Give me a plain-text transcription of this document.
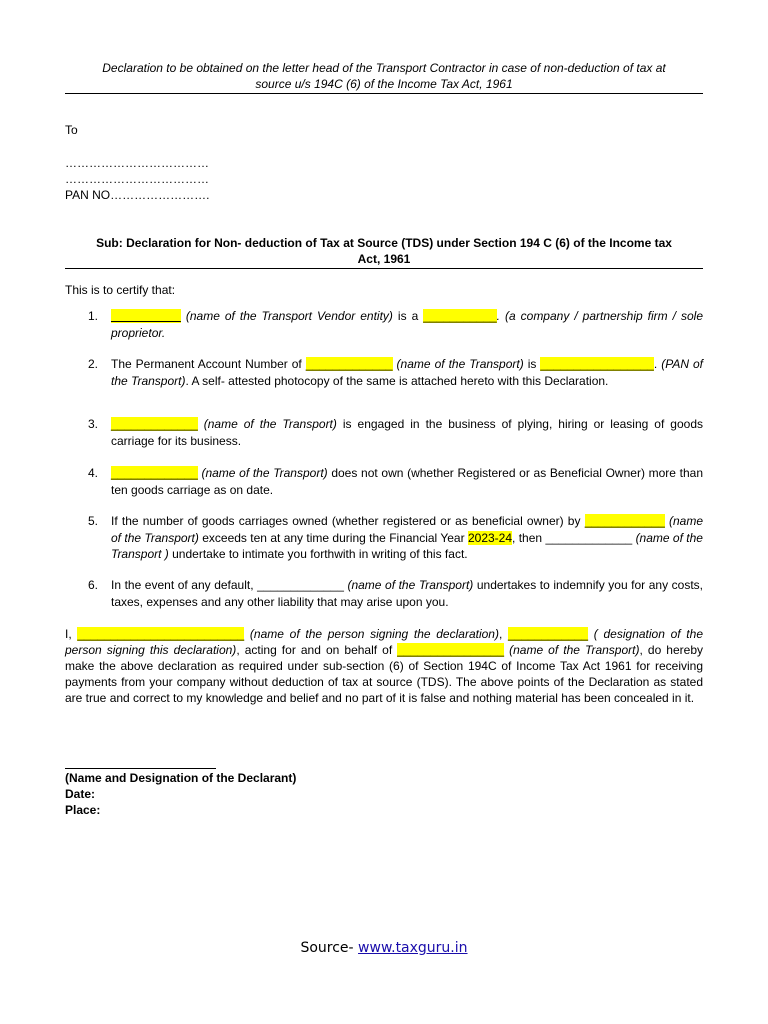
Declaration to be obtained on the letter head of the Transport Contractor in case of non-deduction of tax at
source u/s 194C (6) of the Income Tax Act, 1961
To
………………………………
………………………………
PAN NO…………………….
Sub: Declaration for Non- deduction of Tax at Source (TDS) under Section 194 C (6) of the Income tax
Act, 1961
This is to certify that:
1.	(name of the Transport Vendor entity) is a ___________. (a company / partnership firm / sole proprietor.
2. The Permanent Account Number of _____________ (name of the Transport) is _________________. (PAN of the Transport). A self- attested photocopy of the same is attached hereto with this Declaration.
3. _____________ (name of the Transport) is engaged in the business of plying, hiring or leasing of goods carriage for its business.
4. _____________ (name of the Transport) does not own (whether Registered or as Beneficial Owner) more than ten goods carriage as on date.
5. If the number of goods carriages owned (whether registered or as beneficial owner) by ____________ (name of the Transport) exceeds ten at any time during the Financial Year 2023-24, then _____________ (name of the Transport ) undertake to intimate you forthwith in writing of this fact.
6. In the event of any default, _____________ (name of the Transport) undertakes to indemnify you for any costs, taxes, expenses and any other liability that may arise upon you.
I, _________________________ (name of the person signing the declaration), ____________ ( designation of the person signing this declaration), acting for and on behalf of ________________ (name of the Transport), do hereby make the above declaration as required under sub-section (6) of Section 194C of Income Tax Act 1961 for receiving payments from your company without deduction of tax at source (TDS). The above points of the Declaration as stated are true and correct to my knowledge and belief and no part of it is false and nothing material has been concealed in it.
(Name and Designation of the Declarant)
Date:
Place:
Source- www.taxguru.in
